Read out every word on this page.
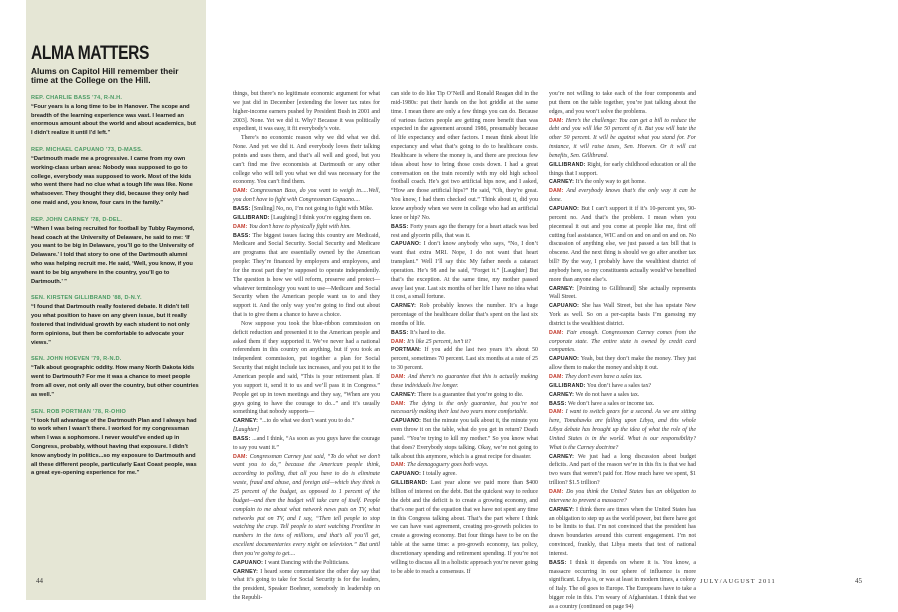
ALMA MATTERS

Alums on Capitol Hill remember their time at the College on the Hill.

REP. CHARLIE BASS ’74, R-N.H.

“Four years is a long time to be in Hanover. The scope and breadth of the learning experience was vast. I learned an enormous amount about the world and about academics, but I didn’t realize it until I’d left.”

REP. MICHAEL CAPUANO ’73, D-MASS.

“Dartmouth made me a progressive. I came from my own working-class urban area: Nobody was supposed to go to college, everybody was supposed to work. Most of the kids who went there had no clue what a tough life was like. None whatsoever. They thought they did, because they only had one maid and, you know, four cars in the family.”

REP. JOHN CARNEY ’78, D-DEL.

“When I was being recruited for football by Tubby Raymond, head coach at the University of Delaware, he said to me: ‘If you want to be big in Delaware, you’ll go to the University of Delaware.’ I told that story to one of the Dartmouth alumni who was helping recruit me. He said, ‘Well, you know, if you want to be big anywhere in the country, you’ll go to Dartmouth.’ ”

SEN. KIRSTEN GILLIBRAND ’88, D-N.Y.

“I found that Dartmouth really fostered debate. It didn’t tell you what position to have on any given issue, but it really fostered that individual growth by each student to not only form opinions, but then be comfortable to advocate your views.”

SEN. JOHN HOEVEN ’79, R-N.D.

“Talk about geographic oddity. How many North Dakota kids went to Dartmouth? For me it was a chance to meet people from all over, not only all over the country, but other countries as well.”

SEN. ROB PORTMAN ’78, R-OHIO

“I took full advantage of the Dartmouth Plan and I always had to work when I wasn’t there. I worked for my congressman when I was a sophomore. I never would’ve ended up in Congress, probably, without having that exposure. I didn’t know anybody in politics...so my exposure to Dartmouth and all these different people, particularly East Coast people, was a great eye-opening experience for me.”

things, but there’s no legitimate economic argument for what we just did in December [extending the lower tax rates for higher-income earners pushed by President Bush in 2001 and 2003]. None. Yet we did it. Why? Because it was politically expedient, it was easy, it fit everybody’s vote.

There’s no economic reason why we did what we did. None. And yet we did it. And everybody loves their talking points and uses them, and that’s all well and good, but you can’t find me five economists at Dartmouth or any other college who will tell you what we did was necessary for the economy. You can’t find them.

DAM: Congressman Bass, do you want to weigh in.....Well, you don’t have to fight with Congressman Capuano....

BASS: [Smiling] No, no, I’m not going to fight with Mike.

GILLIBRAND: [Laughing] I think you’re egging them on.

DAM: You don’t have to physically fight with him.

BASS: The biggest issues facing this country are Medicaid, Medicare and Social Security. Social Security and Medicare are programs that are essentially owned by the American people: They’re financed by employers and employees, and for the most part they’re supposed to operate independently. The question is how we will reform, preserve and protect—whatever terminology you want to use—Medicare and Social Security when the American people want us to and they support it. And the only way you’re going to find out about that is to give them a chance to have a choice.

Now suppose you took the blue-ribbon commission on deficit reduction and presented it to the American people and asked them if they supported it. We’ve never had a national referendum in this country on anything, but if you took an independent commission, put together a plan for Social Security that might include tax increases, and you put it to the American people and said, “This is your retirement plan. If you support it, send it to us and we’ll pass it in Congress.” People get up in town meetings and they say, “When are you guys going to have the courage to do...” and it’s usually something that nobody supports—

CARNEY: “...to do what we don’t want you to do.”

[Laughter]

BASS: ...and I think, “As soon as you guys have the courage to say you want it.”

DAM: Congressman Carney just said, “To do what we don’t want you to do,” because the American people think, according to polling, that all you have to do is eliminate waste, fraud and abuse, and foreign aid—which they think is 25 percent of the budget, as opposed to 1 percent of the budget—and then the budget will take care of itself. People complain to me about what network news puts on TV, what networks put on TV, and I say, “Then tell people to stop watching the crap. Tell people to start watching Frontline in numbers in the tens of millions, and that’s all you’ll get, excellent documentaries every night on television.” But until then you’re going to get....

CAPUANO: I want Dancing with the Politicians.

CARNEY: I heard some commentator the other day say that what it’s going to take for Social Security is for the leaders, the president, Speaker Boehner, somebody in leadership on the Republi-

can side to do like Tip O’Neill and Ronald Reagan did in the mid-1980s: put their hands on the hot griddle at the same time. I mean there are only a few things you can do. Because of various factors people are getting more benefit than was expected in the agreement around 1986, presumably because of life expectancy and other factors. I mean think about life expectancy and what that’s going to do to healthcare costs. Healthcare is where the money is, and there are precious few ideas about how to bring those costs down. I had a great conversation on the train recently with my old high school football coach. He’s got two artificial hips now, and I asked, “How are those artificial hips?” He said, “Oh, they’re great. You know, I had them checked out.” Think about it, did you know anybody when we were in college who had an artificial knee or hip? No.

BASS: Forty years ago the therapy for a heart attack was bed rest and glycerin pills, that was it.

CAPUANO: I don’t know anybody who says, “No, I don’t want that extra MRI. Nope, I do not want that heart transplant.” Well I’ll say this: My father needs a cataract operation. He’s 98 and he said, “Forget it.” [Laughter] But that’s the exception. At the same time, my mother passed away last year. Last six months of her life I have no idea what it cost, a small fortune.

CARNEY: Rob probably knows the number. It’s a huge percentage of the healthcare dollar that’s spent on the last six months of life.

BASS: It’s hard to die.

DAM: It’s like 25 percent, isn’t it?

PORTMAN: If you add the last two years it’s about 50 percent, sometimes 70 percent. Last six months at a rate of 25 to 30 percent.

DAM: And there’s no guarantee that this is actually making these individuals live longer.

CARNEY: There is a guarantee that you’re going to die.

DAM: The dying is the only guarantee, but you’re not necessarily making their last two years more comfortable.

CAPUANO: But the minute you talk about it, the minute you even throw it on the table, what do you get in return? Death panel. “You’re trying to kill my mother.” So you know what that does? Everybody stops talking. Okay, we’re not going to talk about this anymore, which is a great recipe for disaster.

DAM: The demagoguery goes both ways.

CAPUANO: I totally agree.

GILLIBRAND: Last year alone we paid more than $400 billion of interest on the debt. But the quickest way to reduce the debt and the deficit is to create a growing economy, and that’s one part of the equation that we have not spent any time in this Congress talking about. That’s the part where I think we can have vast agreement, creating pro-growth policies to create a growing economy. But four things have to be on the table at the same time: a pro-growth economy, tax policy, discretionary spending and retirement spending. If you’re not willing to discuss all in a holistic approach you’re never going to be able to reach a consensus. If

you’re not willing to take each of the four components and put them on the table together, you’re just talking about the edges, and you won’t solve the problems.

DAM: Here’s the challenge: You can get a bill to reduce the debt and you will like 50 percent of it. But you will hate the other 50 percent. It will be against what you stand for. For instance, it will raise taxes, Sen. Hoeven. Or it will cut benefits, Sen. Gillibrand.

GILLIBRAND: Right, for early childhood education or all the things that I support.

CARNEY: It’s the only way to get home.

DAM: And everybody knows that’s the only way it can be done.

CAPUANO: But I can’t support it if it’s 10-percent yes, 90-percent no. And that’s the problem. I mean when you piecemeal it out and you come at people like me, first off cutting fuel assistance, WIC and on and on and on and on. No discussion of anything else, we just passed a tax bill that is obscene. And the next thing is should we go after another tax bill? By the way, I probably have the wealthiest district of anybody here, so my constituents actually would’ve benefited more than anyone else’s.

CARNEY: [Pointing to Gillibrand] She actually represents Wall Street.

CAPUANO: She has Wall Street, but she has upstate New York as well. So on a per-capita basis I’m guessing my district is the wealthiest district.

DAM: Fair enough. Congressman Carney comes from the corporate state. The entire state is owned by credit card companies.

CAPUANO: Yeah, but they don’t make the money. They just allow them to make the money and ship it out.

DAM: They don’t even have a sales tax.

GILLIBRAND: You don’t have a sales tax?

CARNEY: We do not have a sales tax.

BASS: We don’t have a sales or income tax.

DAM: I want to switch gears for a second. As we are sitting here, Tomahawks are falling upon Libya, and this whole Libya debate has brought up the idea of what the role of the United States is in the world. What is our responsibility? What is the Carney doctrine?

CARNEY: We just had a long discussion about budget deficits. And part of the reason we’re in this fix is that we had two wars that weren’t paid for. How much have we spent, $1 trillion? $1.5 trillion?

DAM: Do you think the United States has an obligation to intervene to prevent a massacre?

CARNEY: I think there are times when the United States has an obligation to step up as the world power, but there have got to be limits to that. I’m not convinced that the president has drawn boundaries around this current engagement. I’m not convinced, frankly, that Libya meets that test of national interest.

BASS: I think it depends on where it is. You know, a massacre occurring in our sphere of influence is more significant. Libya is, or was at least in modern times, a colony of Italy. The oil goes to Europe. The Europeans have to take a bigger role in this. I’m weary of Afghanistan. I think that we as a country (continued on page 94)

44	JULY/AUGUST 2011	45
